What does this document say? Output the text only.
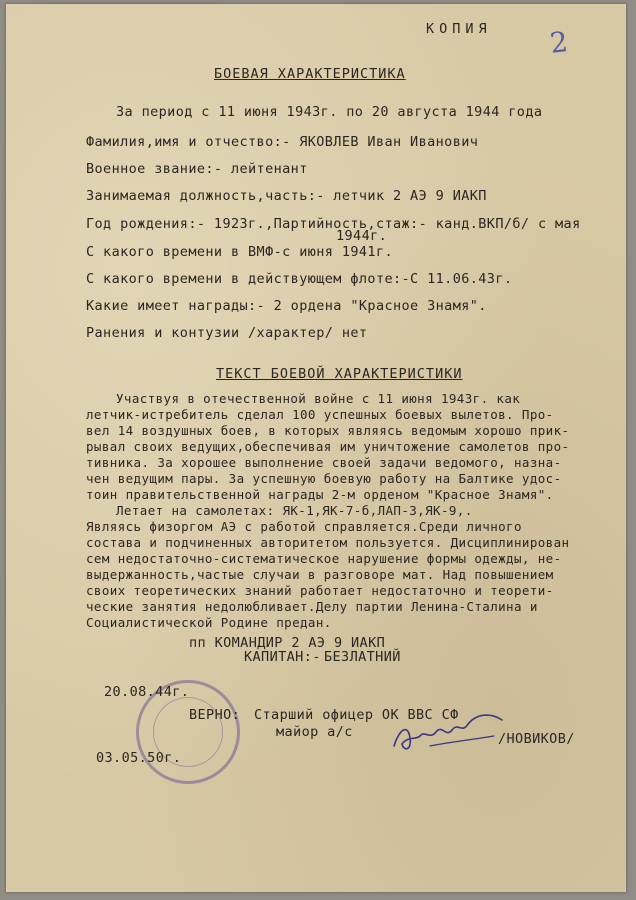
КОПИЯ 2
БОЕВАЯ ХАРАКТЕРИСТИКА
За период с 11 июня 1943г. по 20 августа 1944 года
Фамилия,имя и отчество:- ЯКОВЛЕВ Иван Иванович
Военное звание:- лейтенант
Занимаемая должность,часть:- летчик 2 АЭ 9 ИАКП
Год рождения:- 1923г.,Партийность,стаж:- канд.ВКП/б/ с мая
1944г.
С какого времени в ВМФ-с июня 1941г.
С какого времени в действующем флоте:-С 11.06.43г.
Какие имеет награды:- 2 ордена "Красное Знамя".
Ранения и контузии /характер/ нет
ТЕКСТ БОЕВОЙ ХАРАКТЕРИСТИКИ
Участвуя в отечественной войне с 11 июня 1943г. как
летчик-истребитель сделал 100 успешных боевых вылетов. Про-
вел 14 воздушных боев, в которых являясь ведомым хорошо прик-
рывал своих ведущих,обеспечивая им уничтожение самолетов про-
тивника. За хорошее выполнение своей задачи ведомого, назна-
чен ведущим пары. За успешную боевую работу на Балтике удос-
тоин правительственной награды 2-м орденом "Красное Знамя".
Летает на самолетах: ЯК-1,ЯК-7-б,ЛАП-3,ЯК-9,.
Являясь физоргом АЭ с работой справляется.Среди личного
состава и подчиненных авторитетом пользуется. Дисциплинирован
сем недостаточно-систематическое нарушение формы одежды, не-
выдержанность,частые случаи в разговоре мат. Над повышением
своих теоретических знаний работает недостаточно и теорети-
ческие занятия недолюбливает.Делу партии Ленина-Сталина и
Социалистической Родине предан.
пп КОМАНДИР 2 АЭ 9 ИАКП
КАПИТАН:- БЕЗЛАТНИЙ
20.08.44г.
ВЕРНО: Старший офицер ОК ВВС СФ
майор а/с	/НОВИКОВ/
03.05.50г.
